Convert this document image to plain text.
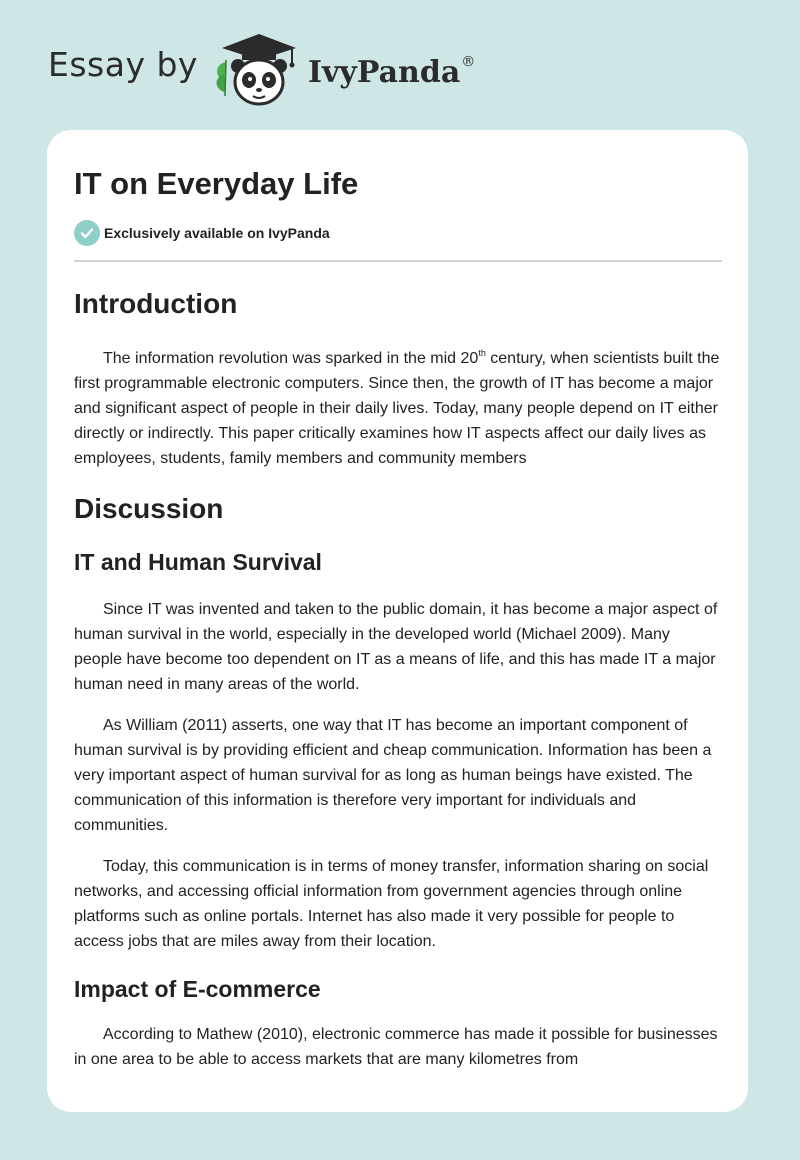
Essay by	IvyPanda®
IT on Everyday Life
Exclusively available on IvyPanda
Introduction

The information revolution was sparked in the mid 20th century, when scientists built the first programmable electronic computers. Since then, the growth of IT has become a major and significant aspect of people in their daily lives. Today, many people depend on IT either directly or indirectly. This paper critically examines how IT aspects affect our daily lives as employees, students, family members and community members

Discussion
IT and Human Survival

Since IT was invented and taken to the public domain, it has become a major aspect of human survival in the world, especially in the developed world (Michael 2009). Many people have become too dependent on IT as a means of life, and this has made IT a major human need in many areas of the world.

As William (2011) asserts, one way that IT has become an important component of human survival is by providing efficient and cheap communication. Information has been a very important aspect of human survival for as long as human beings have existed. The communication of this information is therefore very important for individuals and communities.

Today, this communication is in terms of money transfer, information sharing on social networks, and accessing official information from government agencies through online platforms such as online portals. Internet has also made it very possible for people to access jobs that are miles away from their location.

Impact of E-commerce

According to Mathew (2010), electronic commerce has made it possible for businesses in one area to be able to access markets that are many kilometres from
